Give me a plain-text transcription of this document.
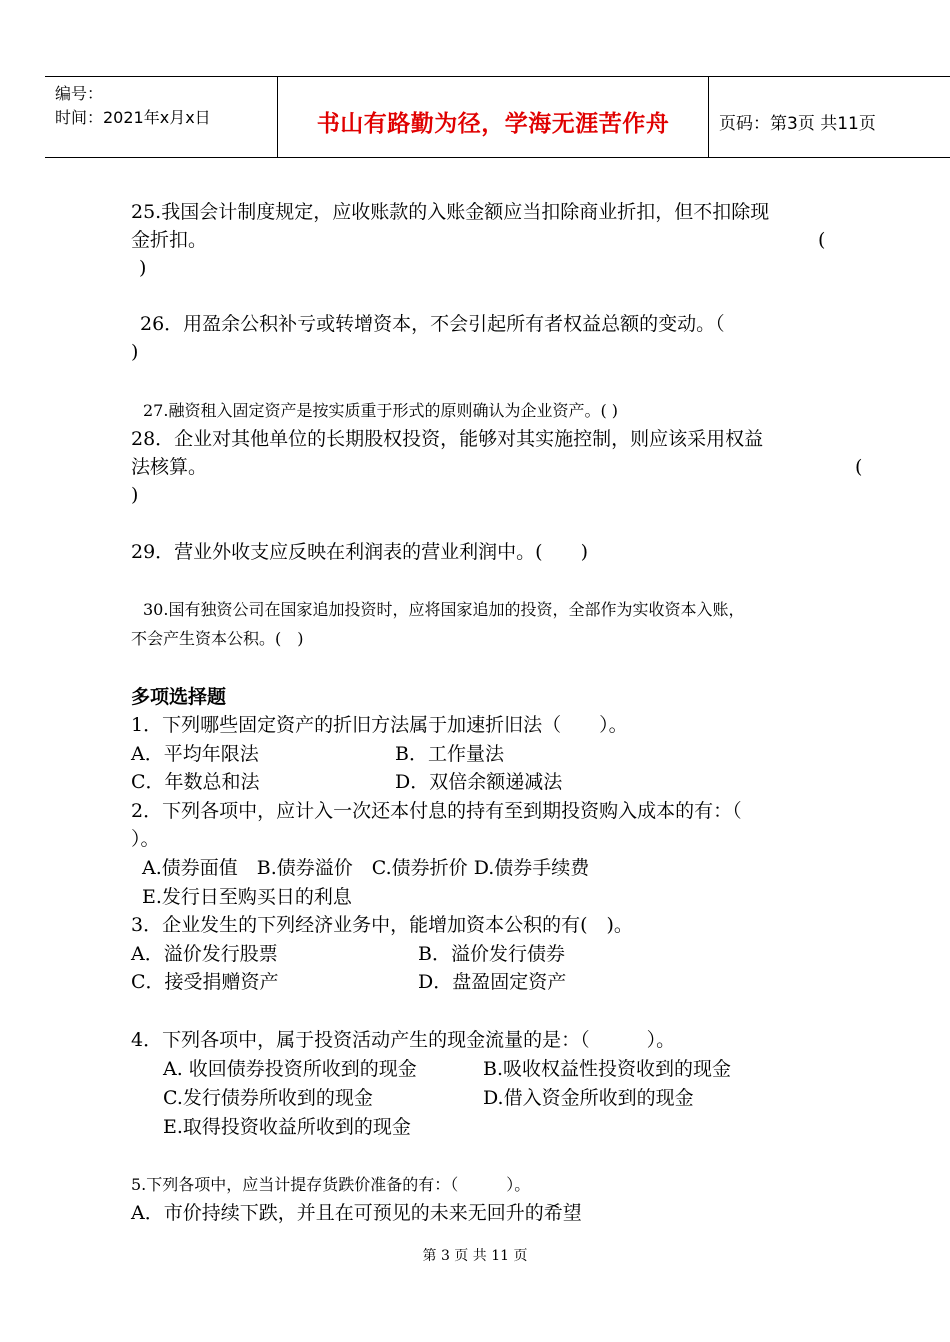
编号：
时间：2021年x月x日	书山有路勤为径，学海无涯苦作舟	页码：第3页 共11页
25.我国会计制度规定，应收账款的入账金额应当扣除商业折扣，但不扣除现
金折扣。	(
)
26．用盈余公积补亏或转增资本，不会引起所有者权益总额的变动。（
)
27.融资租入固定资产是按实质重于形式的原则确认为企业资产。( )
28．企业对其他单位的长期股权投资，能够对其实施控制，则应该采用权益
法核算。	(
)
29．营业外收支应反映在利润表的营业利润中。(　　)
30.国有独资公司在国家追加投资时，应将国家追加的投资，全部作为实收资本入账，
不会产生资本公积。(　)
多项选择题
1．下列哪些固定资产的折旧方法属于加速折旧法（　　）。
A．平均年限法	B．工作量法
C．年数总和法	D．双倍余额递减法
2．下列各项中，应计入一次还本付息的持有至到期投资购入成本的有：（
）。
A.债券面值　B.债券溢价　C.债券折价 D.债券手续费
E.发行日至购买日的利息
3．企业发生的下列经济业务中，能增加资本公积的有(　)。
A．溢价发行股票	B．溢价发行债券
C．接受捐赠资产	D．盘盈固定资产
4．下列各项中，属于投资活动产生的现金流量的是：（　　　）。
A. 收回债券投资所收到的现金	B.吸收权益性投资收到的现金
C.发行债券所收到的现金	D.借入资金所收到的现金
E.取得投资收益所收到的现金
5.下列各项中，应当计提存货跌价准备的有：（　　　）。
A．市价持续下跌，并且在可预见的未来无回升的希望
第 3 页 共 11 页
